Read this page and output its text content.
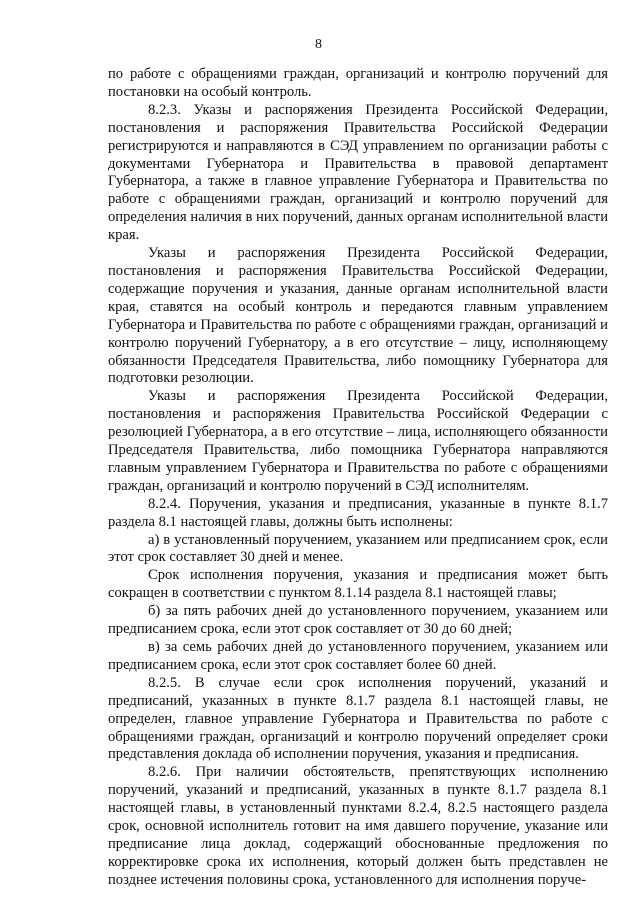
8

по работе с обращениями граждан, организаций и контролю поручений для постановки на особый контроль.

8.2.3. Указы и распоряжения Президента Российской Федерации, постановления и распоряжения Правительства Российской Федерации регистрируются и направляются в СЭД управлением по организации работы с документами Губернатора и Правительства в правовой департамент Губернатора, а также в главное управление Губернатора и Правительства по работе с обращениями граждан, организаций и контролю поручений для определения наличия в них поручений, данных органам исполнительной власти края.

Указы и распоряжения Президента Российской Федерации, постановления и распоряжения Правительства Российской Федерации, содержащие поручения и указания, данные органам исполнительной власти края, ставятся на особый контроль и передаются главным управлением Губернатора и Правительства по работе с обращениями граждан, организаций и контролю поручений Губернатору, а в его отсутствие – лицу, исполняющему обязанности Председателя Правительства, либо помощнику Губернатора для подготовки резолюции.

Указы и распоряжения Президента Российской Федерации, постановления и распоряжения Правительства Российской Федерации с резолюцией Губернатора, а в его отсутствие – лица, исполняющего обязанности Председателя Правительства, либо помощника Губернатора направляются главным управлением Губернатора и Правительства по работе с обращениями граждан, организаций и контролю поручений в СЭД исполнителям.

8.2.4. Поручения, указания и предписания, указанные в пункте 8.1.7 раздела 8.1 настоящей главы, должны быть исполнены:

а) в установленный поручением, указанием или предписанием срок, если этот срок составляет 30 дней и менее.

Срок исполнения поручения, указания и предписания может быть сокращен в соответствии с пунктом 8.1.14 раздела 8.1 настоящей главы;

б) за пять рабочих дней до установленного поручением, указанием или предписанием срока, если этот срок составляет от 30 до 60 дней;

в) за семь рабочих дней до установленного поручением, указанием или предписанием срока, если этот срок составляет более 60 дней.

8.2.5. В случае если срок исполнения поручений, указаний и предписаний, указанных в пункте 8.1.7 раздела 8.1 настоящей главы, не определен, главное управление Губернатора и Правительства по работе с обращениями граждан, организаций и контролю поручений определяет сроки представления доклада об исполнении поручения, указания и предписания.

8.2.6. При наличии обстоятельств, препятствующих исполнению поручений, указаний и предписаний, указанных в пункте 8.1.7 раздела 8.1 настоящей главы, в установленный пунктами 8.2.4, 8.2.5 настоящего раздела срок, основной исполнитель готовит на имя давшего поручение, указание или предписание лица доклад, содержащий обоснованные предложения по корректировке срока их исполнения, который должен быть представлен не позднее истечения половины срока, установленного для исполнения поруче-
